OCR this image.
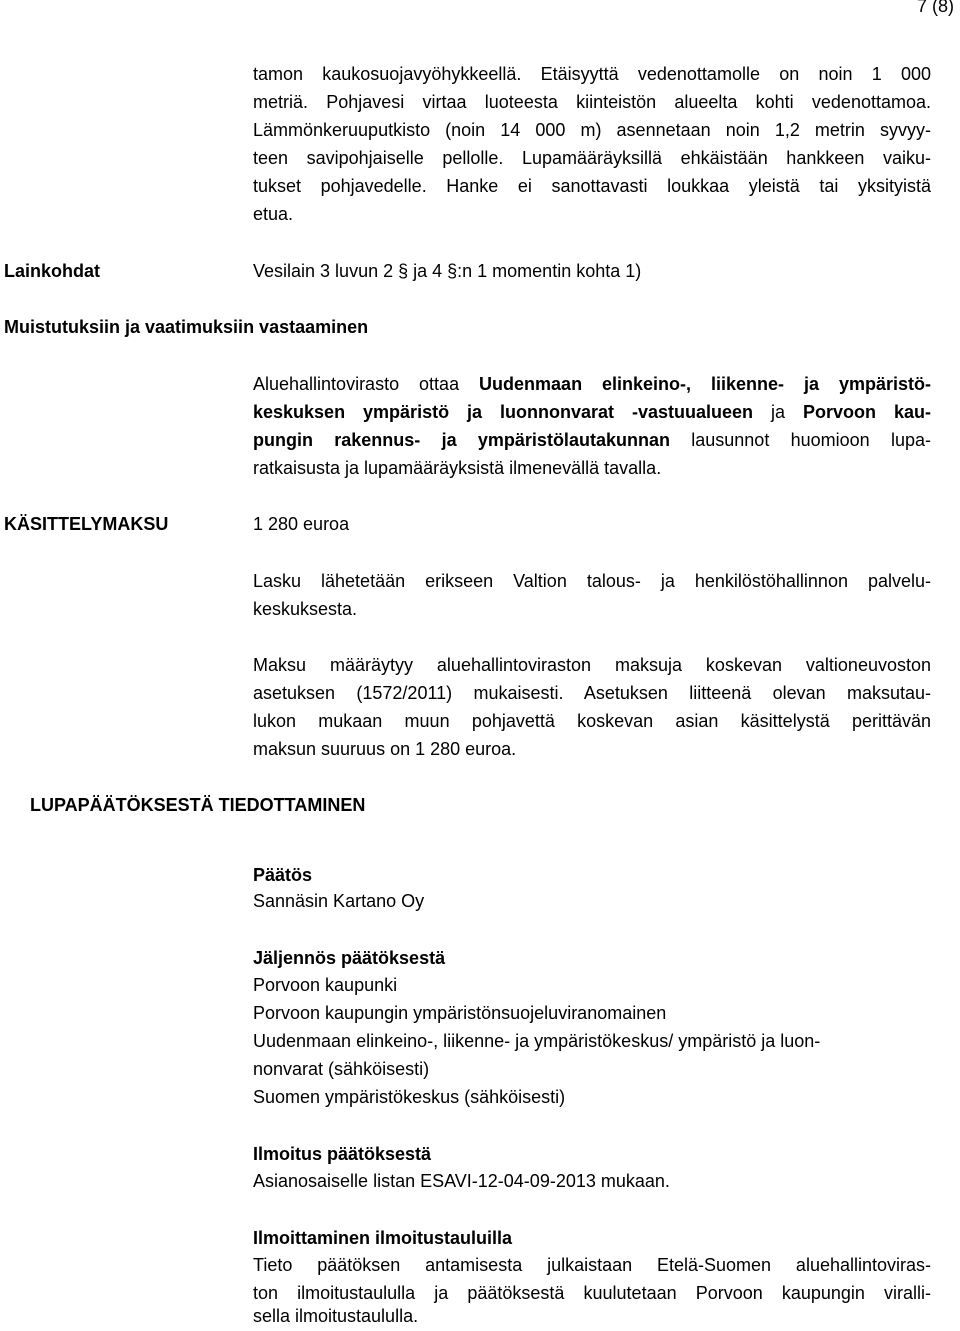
7 (8)
tamon kaukosuojavyöhykkeellä. Etäisyyttä vedenottamolle on noin 1 000
metriä. Pohjavesi virtaa luoteesta kiinteistön alueelta kohti vedenottamoa.
Lämmönkeruuputkisto (noin 14 000 m) asennetaan noin 1,2 metrin syvyy-
teen savipohjaiselle pellolle. Lupamääräyksillä ehkäistään hankkeen vaiku-
tukset pohjavedelle. Hanke ei sanottavasti loukkaa yleistä tai yksityistä
etua.
Lainkohdat	Vesilain 3 luvun 2 § ja 4 §:n 1 momentin kohta 1)
Muistutuksiin ja vaatimuksiin vastaaminen
Aluehallintovirasto ottaa Uudenmaan elinkeino-, liikenne- ja ympäristö-
keskuksen ympäristö ja luonnonvarat -vastuualueen ja Porvoon kau-
pungin rakennus- ja ympäristölautakunnan lausunnot huomioon lupa-
ratkaisusta ja lupamääräyksistä ilmenevällä tavalla.
KÄSITTELYMAKSU	1 280 euroa
Lasku lähetetään erikseen Valtion talous- ja henkilöstöhallinnon palvelu-
keskuksesta.
Maksu määräytyy aluehallintoviraston maksuja koskevan valtioneuvoston
asetuksen (1572/2011) mukaisesti. Asetuksen liitteenä olevan maksutau-
lukon mukaan muun pohjavettä koskevan asian käsittelystä perittävän
maksun suuruus on 1 280 euroa.
LUPAPÄÄTÖKSESTÄ TIEDOTTAMINEN
Päätös
Sannäsin Kartano Oy
Jäljennös päätöksestä
Porvoon kaupunki
Porvoon kaupungin ympäristönsuojeluviranomainen
Uudenmaan elinkeino-, liikenne- ja ympäristökeskus/ ympäristö ja luon-
nonvarat (sähköisesti)
Suomen ympäristökeskus (sähköisesti)
Ilmoitus päätöksestä
Asianosaiselle listan ESAVI-12-04-09-2013 mukaan.
Ilmoittaminen ilmoitustauluilla
Tieto päätöksen antamisesta julkaistaan Etelä-Suomen aluehallintoviras-
ton ilmoitustaululla ja päätöksestä kuulutetaan Porvoon kaupungin viralli-
sella ilmoitustaululla.
